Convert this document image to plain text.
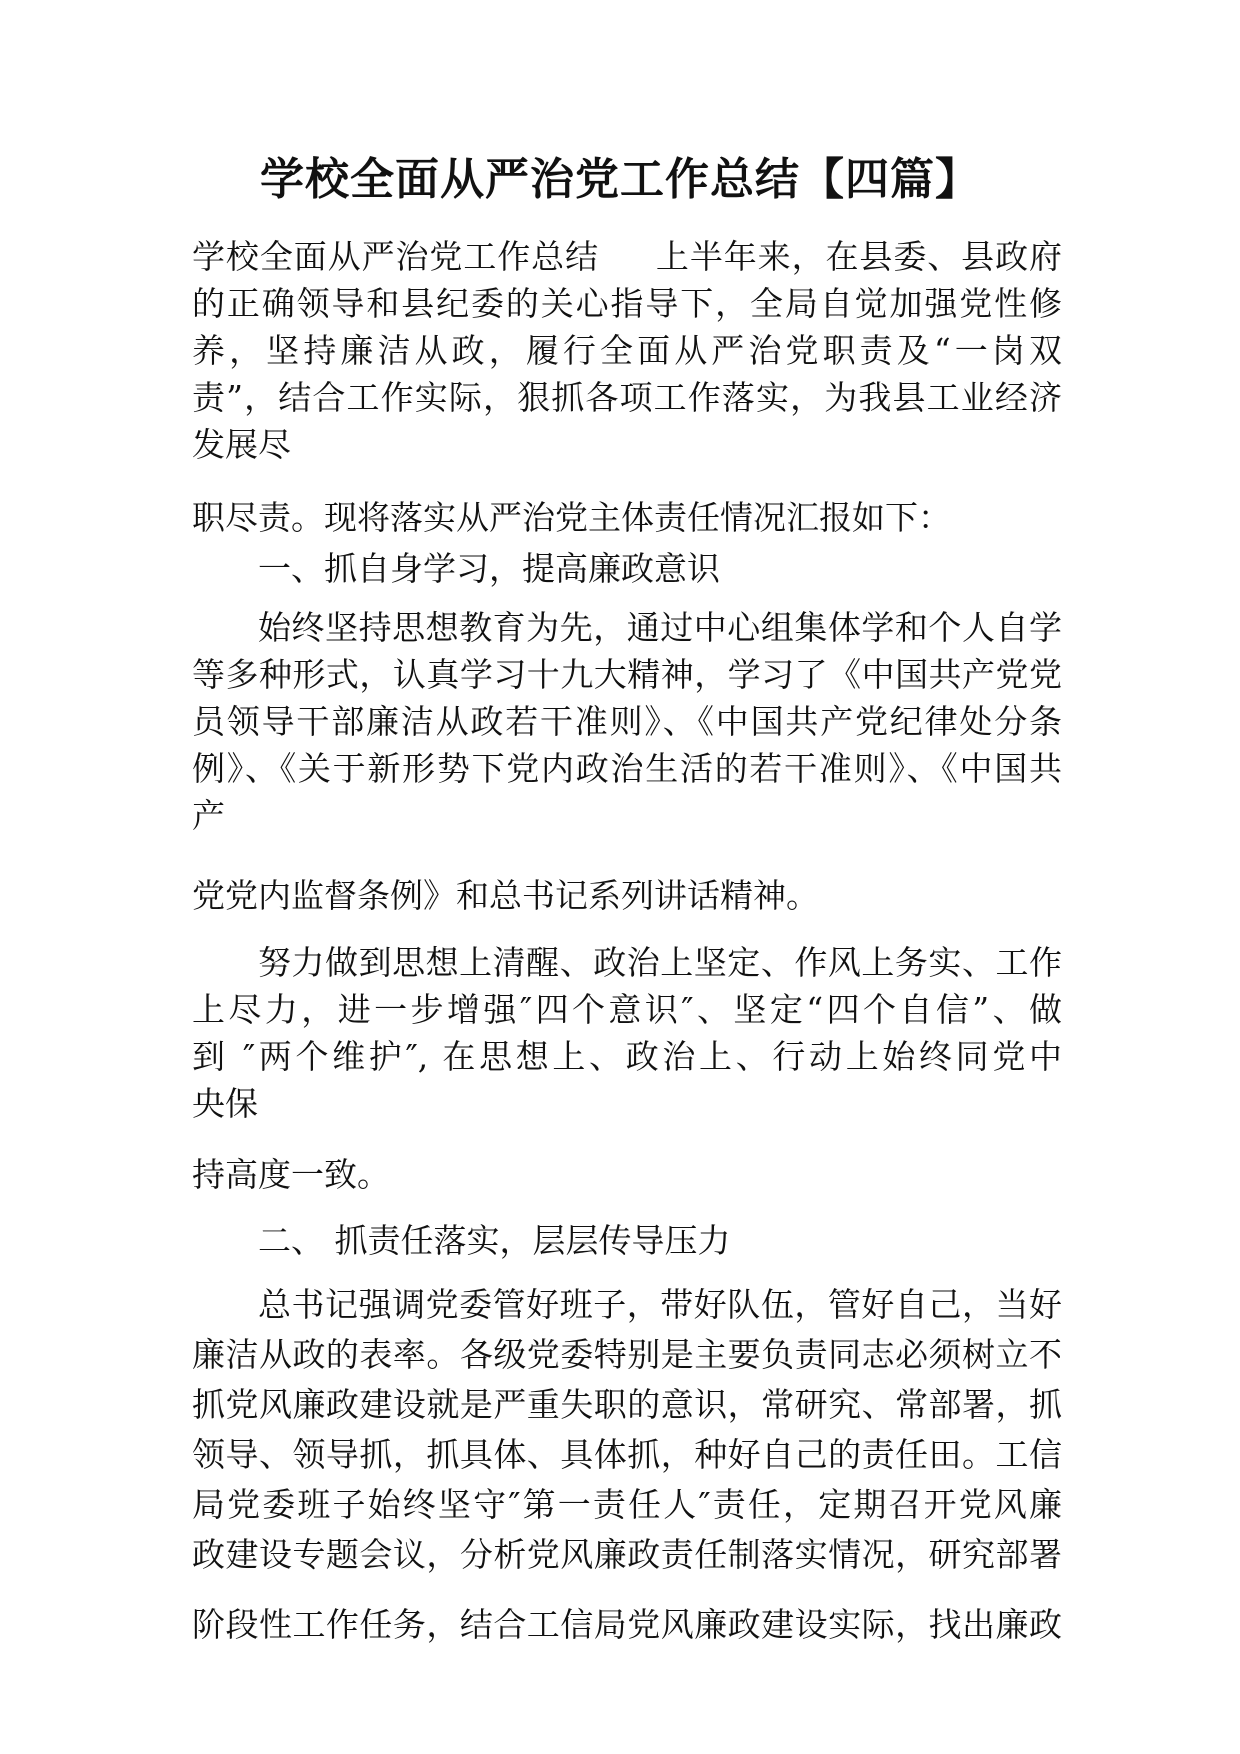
学校全面从严治党工作总结【四篇】
学校全面从严治党工作总结 上半年来，在县委、县政府
的正确领导和县纪委的关心指导下，全局自觉加强党性修
养，坚持廉洁从政，履行全面从严治党职责及“一岗双
责”，结合工作实际，狠抓各项工作落实，为我县工业经济
发展尽
职尽责。现将落实从严治党主体责任情况汇报如下：
一、抓自身学习，提高廉政意识
始终坚持思想教育为先，通过中心组集体学和个人自学
等多种形式，认真学习十九大精神，学习了《中国共产党党
员领导干部廉洁从政若干准则》、《中国共产党纪律处分条
例》、《关于新形势下党内政治生活的若干准则》、《中国共
产
党党内监督条例》和总书记系列讲话精神。
努力做到思想上清醒、政治上坚定、作风上务实、工作
上尽力，进一步增强″四个意识″、坚定“四个自信”、做
到 ″两个维护″, 在思想上、政治上、行动上始终同党中
央保
持高度一致。
二、 抓责任落实，层层传导压力
总书记强调党委管好班子，带好队伍，管好自己，当好
廉洁从政的表率。各级党委特别是主要负责同志必须树立不
抓党风廉政建设就是严重失职的意识，常研究、常部署，抓
领导、领导抓，抓具体、具体抓，种好自己的责任田。工信
局党委班子始终坚守″第一责任人″责任，定期召开党风廉
政建设专题会议，分析党风廉政责任制落实情况，研究部署
阶段性工作任务，结合工信局党风廉政建设实际，找出廉政
